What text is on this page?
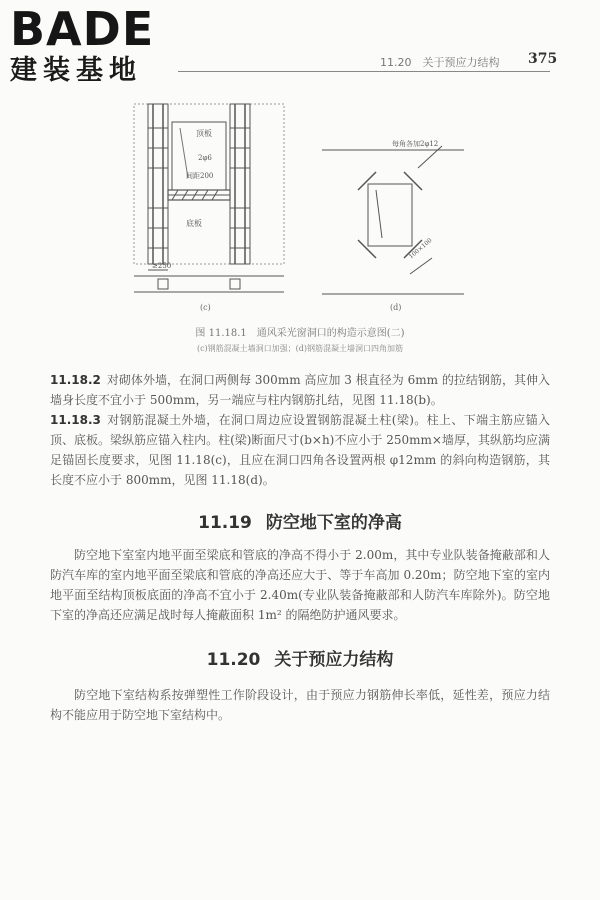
BADE
建装基地	11.20　关于预应力结构 375
顶板
2φ6
间距200
底板
≥250
(c)
每角各加2φ12
100×100
(d)
图 11.18.1　通风采光窗洞口的构造示意图(二)
(c)钢筋混凝土墙洞口加强；(d)钢筋混凝土墙洞口四角加筋
11.18.2 对砌体外墙，在洞口两侧每 300mm 高应加 3 根直径为 6mm 的拉结钢筋，其伸入墙身长度不宜小于 500mm，另一端应与柱内钢筋扎结，见图 11.18(b)。
11.18.3 对钢筋混凝土外墙，在洞口周边应设置钢筋混凝土柱(梁)。柱上、下端主筋应锚入顶、底板。梁纵筋应锚入柱内。柱(梁)断面尺寸(b×h)不应小于 250mm×墙厚，其纵筋均应满足锚固长度要求，见图 11.18(c)，且应在洞口四角各设置两根 φ12mm 的斜向构造钢筋，其长度不应小于 800mm，见图 11.18(d)。
11.19 防空地下室的净高
防空地下室室内地平面至梁底和管底的净高不得小于 2.00m，其中专业队装备掩蔽部和人防汽车库的室内地平面至梁底和管底的净高还应大于、等于车高加 0.20m；防空地下室的室内地平面至结构顶板底面的净高不宜小于 2.40m(专业队装备掩蔽部和人防汽车库除外)。防空地下室的净高还应满足战时每人掩蔽面积 1m² 的隔绝防护通风要求。
11.20 关于预应力结构
防空地下室结构系按弹塑性工作阶段设计，由于预应力钢筋伸长率低，延性差，预应力结构不能应用于防空地下室结构中。
